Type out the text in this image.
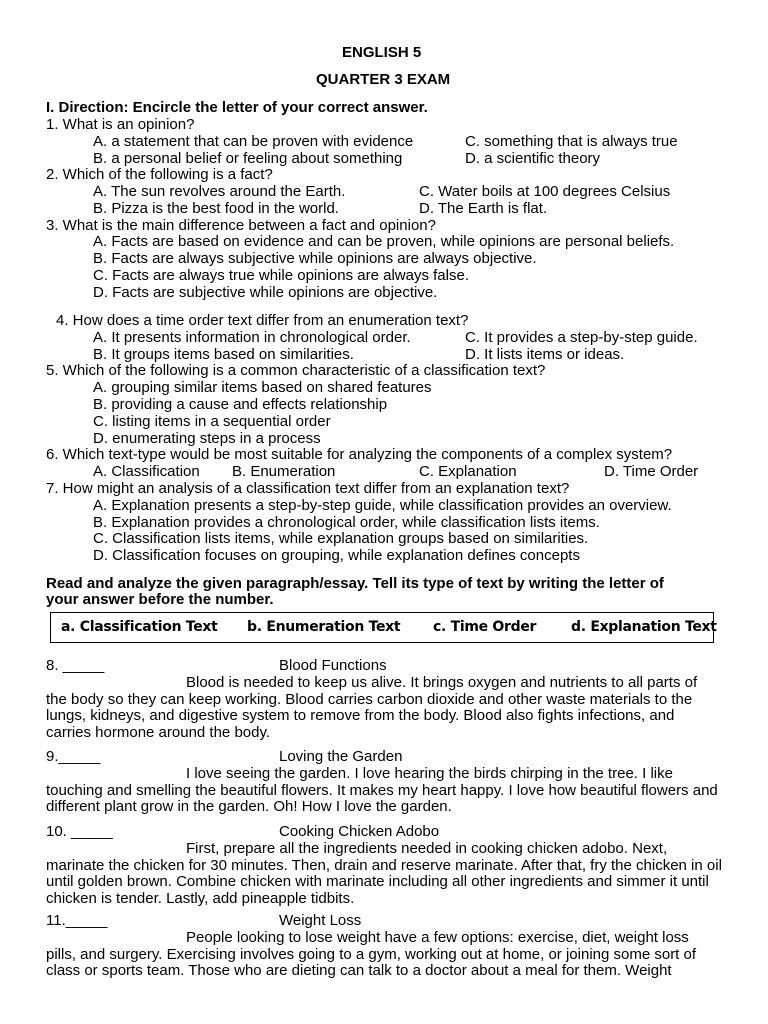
ENGLISH 5
QUARTER 3 EXAM
I. Direction: Encircle the letter of your correct answer.
1. What is an opinion?
A. a statement that can be proven with evidence	C. something that is always true
B. a personal belief or feeling about something	D. a scientific theory
2. Which of the following is a fact?
A. The sun revolves around the Earth.	C. Water boils at 100 degrees Celsius
B. Pizza is the best food in the world.	D. The Earth is flat.
3. What is the main difference between a fact and opinion?
A. Facts are based on evidence and can be proven, while opinions are personal beliefs.
B. Facts are always subjective while opinions are always objective.
C. Facts are always true while opinions are always false.
D. Facts are subjective while opinions are objective.
4. How does a time order text differ from an enumeration text?
A. It presents information in chronological order.	C. It provides a step-by-step guide.
B. It groups items based on similarities.	D. It lists items or ideas.
5. Which of the following is a common characteristic of a classification text?
A. grouping similar items based on shared features
B. providing a cause and effects relationship
C. listing items in a sequential order
D. enumerating steps in a process
6. Which text-type would be most suitable for analyzing the components of a complex system?
A. Classification B. Enumeration	C. Explanation	D. Time Order
7. How might an analysis of a classification text differ from an explanation text?
A. Explanation presents a step-by-step guide, while classification provides an overview.
B. Explanation provides a chronological order, while classification lists items.
C. Classification lists items, while explanation groups based on similarities.
D. Classification focuses on grouping, while explanation defines concepts
Read and analyze the given paragraph/essay. Tell its type of text by writing the letter of
your answer before the number.
a. Classification Text b. Enumeration Text c. Time Order d. Explanation Text
8. _____	Blood Functions
Blood is needed to keep us alive. It brings oxygen and nutrients to all parts of the body so they can keep working. Blood carries carbon dioxide and other waste materials to the lungs, kidneys, and digestive system to remove from the body. Blood also fights infections, and carries hormone around the body.
9._____	Loving the Garden
I love seeing the garden. I love hearing the birds chirping in the tree. I like touching and smelling the beautiful flowers. It makes my heart happy. I love how beautiful flowers and different plant grow in the garden. Oh! How I love the garden.
10. _____	Cooking Chicken Adobo
First, prepare all the ingredients needed in cooking chicken adobo. Next, marinate the chicken for 30 minutes. Then, drain and reserve marinate. After that, fry the chicken in oil until golden brown. Combine chicken with marinate including all other ingredients and simmer it until chicken is tender. Lastly, add pineapple tidbits.
11._____	Weight Loss
People looking to lose weight have a few options: exercise, diet, weight loss pills, and surgery. Exercising involves going to a gym, working out at home, or joining some sort of class or sports team. Those who are dieting can talk to a doctor about a meal for them. Weight
